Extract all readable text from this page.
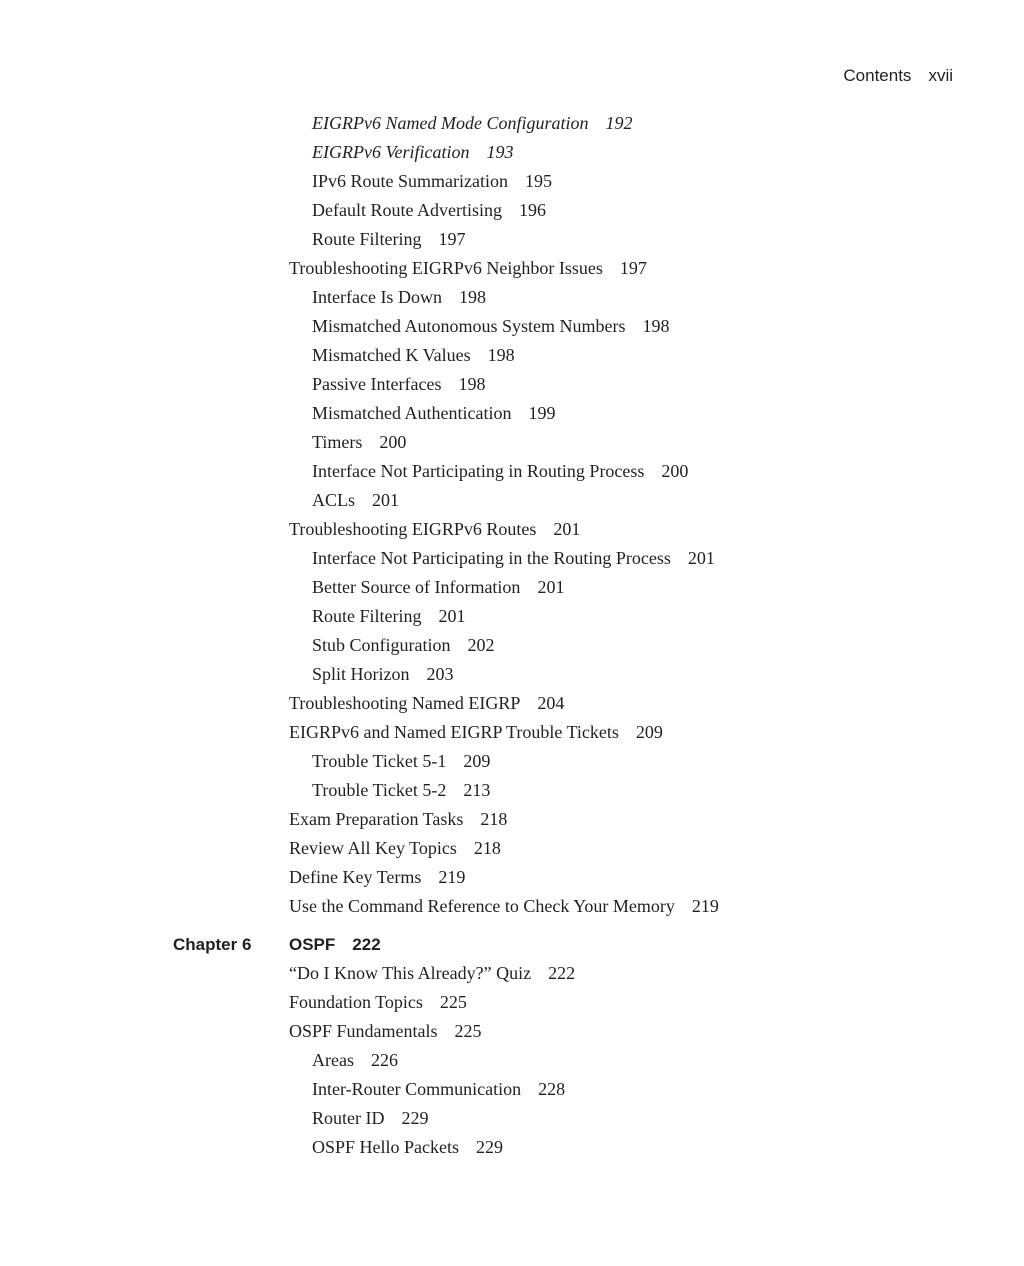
Contents xvii
EIGRPv6 Named Mode Configuration 192
EIGRPv6 Verification 193
IPv6 Route Summarization 195
Default Route Advertising 196
Route Filtering 197
Troubleshooting EIGRPv6 Neighbor Issues 197
Interface Is Down 198
Mismatched Autonomous System Numbers 198
Mismatched K Values 198
Passive Interfaces 198
Mismatched Authentication 199
Timers 200
Interface Not Participating in Routing Process 200
ACLs 201
Troubleshooting EIGRPv6 Routes 201
Interface Not Participating in the Routing Process 201
Better Source of Information 201
Route Filtering 201
Stub Configuration 202
Split Horizon 203
Troubleshooting Named EIGRP 204
EIGRPv6 and Named EIGRP Trouble Tickets 209
Trouble Ticket 5-1 209
Trouble Ticket 5-2 213
Exam Preparation Tasks 218
Review All Key Topics 218
Define Key Terms 219
Use the Command Reference to Check Your Memory 219
Chapter 6 OSPF 222
“Do I Know This Already?” Quiz 222
Foundation Topics 225
OSPF Fundamentals 225
Areas 226
Inter-Router Communication 228
Router ID 229
OSPF Hello Packets 229
